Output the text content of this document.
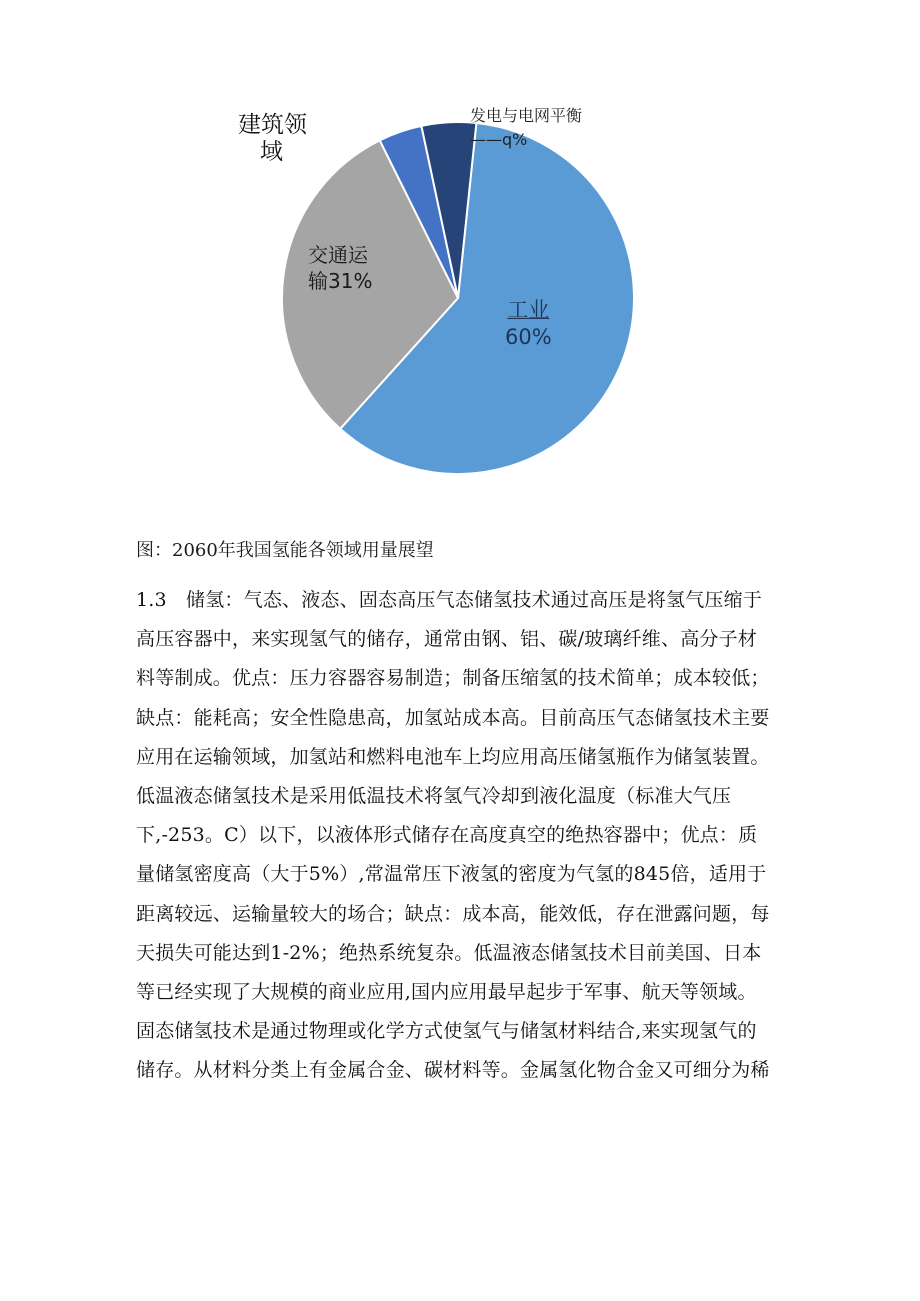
建筑领
域
发电与电网平衡
——q%
交通运
输31%
工业
60%
图：2060年我国氢能各领域用量展望
1.3　储氢：气态、液态、固态高压气态储氢技术通过高压是将氢气压缩于
高压容器中，来实现氢气的储存，通常由钢、铝、碳/玻璃纤维、高分子材
料等制成。优点：压力容器容易制造；制备压缩氢的技术简单；成本较低；
缺点：能耗高；安全性隐患高，加氢站成本高。目前高压气态储氢技术主要
应用在运输领域，加氢站和燃料电池车上均应用高压储氢瓶作为储氢装置。
低温液态储氢技术是采用低温技术将氢气冷却到液化温度（标准大气压
下,-253。C）以下，以液体形式储存在高度真空的绝热容器中；优点：质
量储氢密度高（大于5%）,常温常压下液氢的密度为气氢的845倍，适用于
距离较远、运输量较大的场合；缺点：成本高，能效低，存在泄露问题，每
天损失可能达到1-2%；绝热系统复杂。低温液态储氢技术目前美国、日本
等已经实现了大规模的商业应用,国内应用最早起步于军事、航天等领域。
固态储氢技术是通过物理或化学方式使氢气与储氢材料结合,来实现氢气的
储存。从材料分类上有金属合金、碳材料等。金属氢化物合金又可细分为稀
